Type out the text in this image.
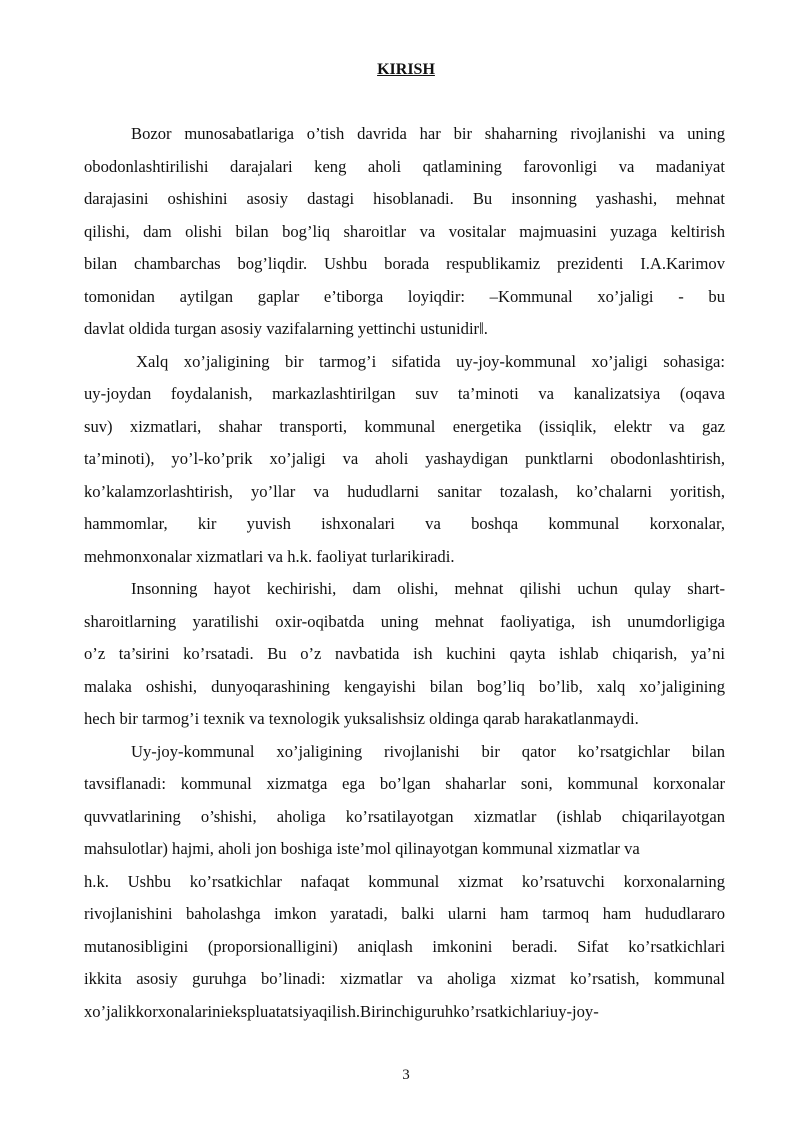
KIRISH
Bozor munosabatlariga o’tish davrida har bir shaharning rivojlanishi va uning
obodonlashtirilishi darajalari keng aholi qatlamining farovonligi va madaniyat
darajasini oshishini asosiy dastagi hisoblanadi. Bu insonning yashashi, mehnat
qilishi, dam olishi bilan bog’liq sharoitlar va vositalar majmuasini yuzaga keltirish
bilan chambarchas bog’liqdir. Ushbu borada respublikamiz prezidenti I.A.Karimov
tomonidan aytilgan gaplar e’tiborga loyiqdir: –Kommunal xo’jaligi - bu
davlat oldida turgan asosiy vazifalarning yettinchi ustunidir‖.
Xalq xo’jaligining bir tarmog’i sifatida uy-joy-kommunal xo’jaligi sohasiga:
uy-joydan foydalanish, markazlashtirilgan suv ta’minoti va kanalizatsiya (oqava
suv) xizmatlari, shahar transporti, kommunal energetika (issiqlik, elektr va gaz
ta’minoti), yo’l-ko’prik xo’jaligi va aholi yashaydigan punktlarni obodonlashtirish,
ko’kalamzorlashtirish, yo’llar va hududlarni sanitar tozalash, ko’chalarni yoritish,
hammomlar, kir yuvish ishxonalari va boshqa kommunal korxonalar,
mehmonxonalar xizmatlari va h.k. faoliyat turlarikiradi.
Insonning hayot kechirishi, dam olishi, mehnat qilishi uchun qulay shart-
sharoitlarning yaratilishi oxir-oqibatda uning mehnat faoliyatiga, ish unumdorligiga
o’z ta’sirini ko’rsatadi. Bu o’z navbatida ish kuchini qayta ishlab chiqarish, ya’ni
malaka oshishi, dunyoqarashining kengayishi bilan bog’liq bo’lib, xalq xo’jaligining
hech bir tarmog’i texnik va texnologik yuksalishsiz oldinga qarab harakatlanmaydi.
Uy-joy-kommunal xo’jaligining rivojlanishi bir qator ko’rsatgichlar bilan
tavsiflanadi: kommunal xizmatga ega bo’lgan shaharlar soni, kommunal korxonalar
quvvatlarining o’shishi, aholiga ko’rsatilayotgan xizmatlar (ishlab chiqarilayotgan
mahsulotlar) hajmi, aholi jon boshiga iste’mol qilinayotgan kommunal xizmatlar va
h.k. Ushbu ko’rsatkichlar nafaqat kommunal xizmat ko’rsatuvchi korxonalarning
rivojlanishini baholashga imkon yaratadi, balki ularni ham tarmoq ham hududlararo
mutanosibligini (proporsionalligini) aniqlash imkonini beradi. Sifat ko’rsatkichlari
ikkita asosiy guruhga bo’linadi: xizmatlar va aholiga xizmat ko’rsatish, kommunal
xo’jalikkorxonalariniekspluatatsiyaqilish.Birinchiguruhko’rsatkichlariuy-joy-
3
